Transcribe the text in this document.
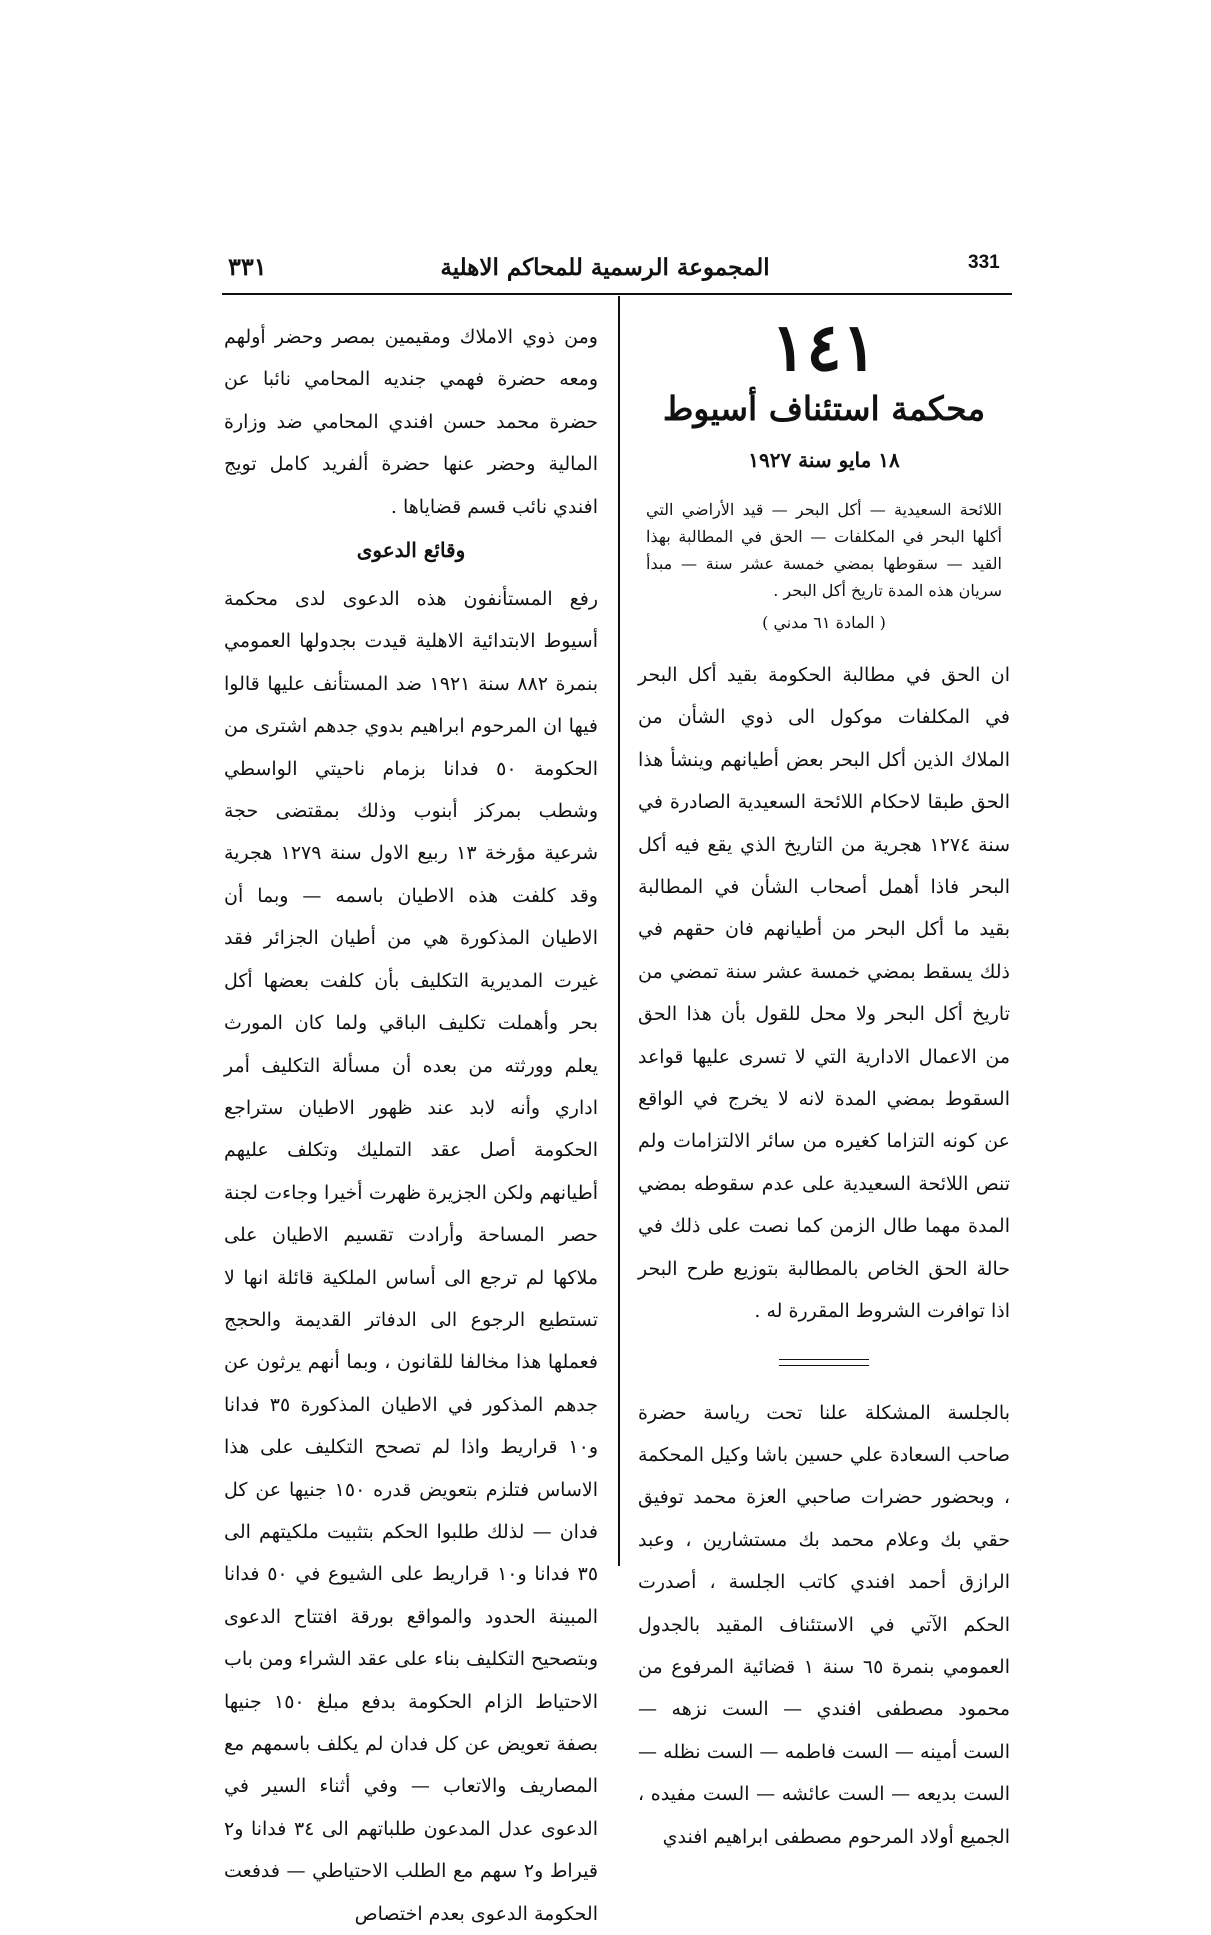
٣٣١	المجموعة الرسمية للمحاكم الاهلية	331
١٤١
محكمة استئناف أسيوط
١٨ مايو سنة ١٩٢٧
اللائحة السعيدية — أكل البحر — قيد الأراضي التي أكلها البحر في المكلفات — الحق في المطالبة بهذا القيد — سقوطها بمضي خمسة عشر سنة — مبدأ سريان هذه المدة تاريخ أكل البحر .
( المادة ٦١ مدني )

ان الحق في مطالبة الحكومة بقيد أكل البحر في المكلفات موكول الى ذوي الشأن من الملاك الذين أكل البحر بعض أطيانهم وينشأ هذا الحق طبقا لاحكام اللائحة السعيدية الصادرة في سنة ١٢٧٤ هجرية من التاريخ الذي يقع فيه أكل البحر فاذا أهمل أصحاب الشأن في المطالبة بقيد ما أكل البحر من أطيانهم فان حقهم في ذلك يسقط بمضي خمسة عشر سنة تمضي من تاريخ أكل البحر ولا محل للقول بأن هذا الحق من الاعمال الادارية التي لا تسرى عليها قواعد السقوط بمضي المدة لانه لا يخرج في الواقع عن كونه التزاما كغيره من سائر الالتزامات ولم تنص اللائحة السعيدية على عدم سقوطه بمضي المدة مهما طال الزمن كما نصت على ذلك في حالة الحق الخاص بالمطالبة بتوزيع طرح البحر اذا توافرت الشروط المقررة له .

بالجلسة المشكلة علنا تحت رياسة حضرة صاحب السعادة علي حسين باشا وكيل المحكمة ، وبحضور حضرات صاحبي العزة محمد توفيق حقي بك وعلام محمد بك مستشارين ، وعبد الرازق أحمد افندي كاتب الجلسة ، أصدرت الحكم الآتي في الاستئناف المقيد بالجدول العمومي بنمرة ٦٥ سنة ١ قضائية المرفوع من محمود مصطفى افندي — الست نزهه — الست أمينه — الست فاطمه — الست نظله — الست بديعه — الست عائشه — الست مفيده ، الجميع أولاد المرحوم مصطفى ابراهيم افندي

ومن ذوي الاملاك ومقيمين بمصر وحضر أولهم ومعه حضرة فهمي جنديه المحامي نائبا عن حضرة محمد حسن افندي المحامي ضد وزارة المالية وحضر عنها حضرة ألفريد كامل تويج افندي نائب قسم قضاياها .

وقائع الدعوى

رفع المستأنفون هذه الدعوى لدى محكمة أسيوط الابتدائية الاهلية قيدت بجدولها العمومي بنمرة ٨٨٢ سنة ١٩٢١ ضد المستأنف عليها قالوا فيها ان المرحوم ابراهيم بدوي جدهم اشترى من الحكومة ٥٠ فدانا بزمام ناحيتي الواسطي وشطب بمركز أبنوب وذلك بمقتضى حجة شرعية مؤرخة ١٣ ربيع الاول سنة ١٢٧٩ هجرية وقد كلفت هذه الاطيان باسمه — وبما أن الاطيان المذكورة هي من أطيان الجزائر فقد غيرت المديرية التكليف بأن كلفت بعضها أكل بحر وأهملت تكليف الباقي ولما كان المورث يعلم وورثته من بعده أن مسألة التكليف أمر اداري وأنه لابد عند ظهور الاطيان ستراجع الحكومة أصل عقد التمليك وتكلف عليهم أطيانهم ولكن الجزيرة ظهرت أخيرا وجاءت لجنة حصر المساحة وأرادت تقسيم الاطيان على ملاكها لم ترجع الى أساس الملكية قائلة انها لا تستطيع الرجوع الى الدفاتر القديمة والحجج فعملها هذا مخالفا للقانون ، وبما أنهم يرثون عن جدهم المذكور في الاطيان المذكورة ٣٥ فدانا و١٠ قراريط واذا لم تصحح التكليف على هذا الاساس فتلزم بتعويض قدره ١٥٠ جنيها عن كل فدان — لذلك طلبوا الحكم بتثبيت ملكيتهم الى ٣٥ فدانا و١٠ قراريط على الشيوع في ٥٠ فدانا المبينة الحدود والمواقع بورقة افتتاح الدعوى وبتصحيح التكليف بناء على عقد الشراء ومن باب الاحتياط الزام الحكومة بدفع مبلغ ١٥٠ جنيها بصفة تعويض عن كل فدان لم يكلف باسمهم مع المصاريف والاتعاب — وفي أثناء السير في الدعوى عدل المدعون طلباتهم الى ٣٤ فدانا و٢ قيراط و٢ سهم مع الطلب الاحتياطي — فدفعت الحكومة الدعوى بعدم اختصاص
